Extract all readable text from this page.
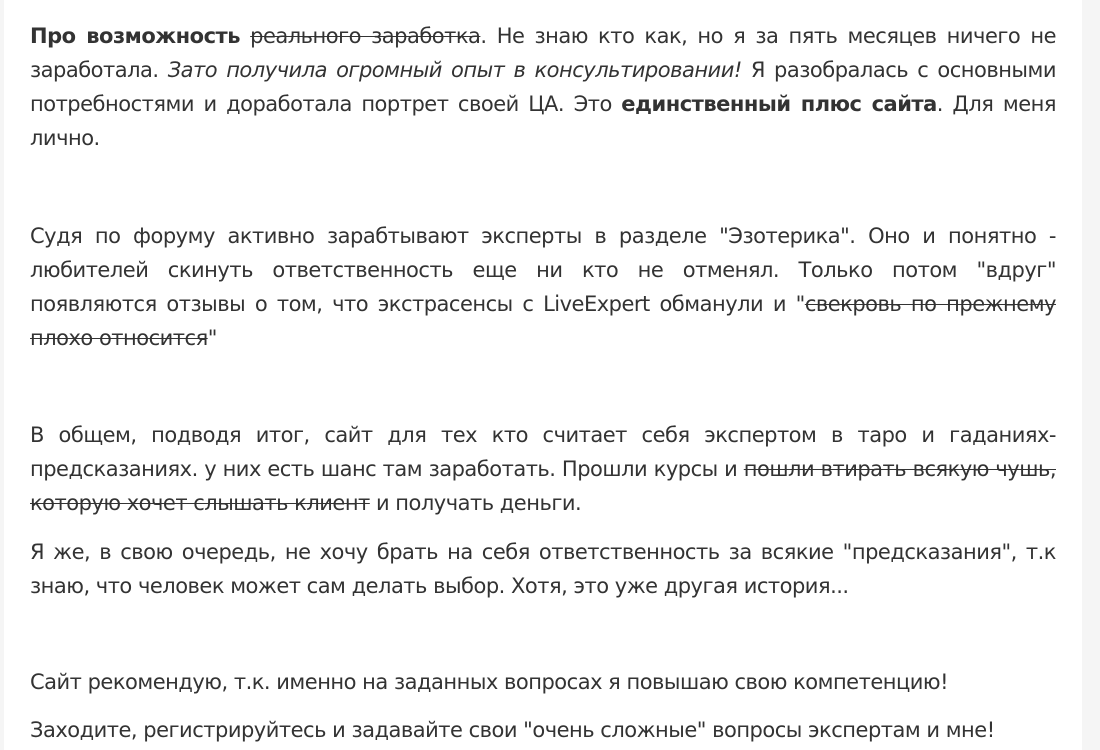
Про возможность реального заработка. Не знаю кто как, но я за пять месяцев ничего не заработала. Зато получила огромный опыт в консультировании! Я разобралась с основными потребностями и доработала портрет своей ЦА. Это единственный плюс сайта. Для меня лично.

Судя по форуму активно зарабтывают эксперты в разделе "Эзотерика". Оно и понятно - любителей скинуть ответственность еще ни кто не отменял. Только потом "вдруг" появляются отзывы о том, что экстрасенсы с LiveExpert обманули и "свекровь по прежнему плохо относится"

В общем, подводя итог, сайт для тех кто считает себя экспертом в таро и гаданиях-предсказаниях. у них есть шанс там заработать. Прошли курсы и пошли втирать всякую чушь, которую хочет слышать клиент и получать деньги.

Я же, в свою очередь, не хочу брать на себя ответственность за всякие "предсказания", т.к знаю, что человек может сам делать выбор. Хотя, это уже другая история...

Сайт рекомендую, т.к. именно на заданных вопросах я повышаю свою компетенцию!

Заходите, регистрируйтесь и задавайте свои "очень сложные" вопросы экспертам и мне!
